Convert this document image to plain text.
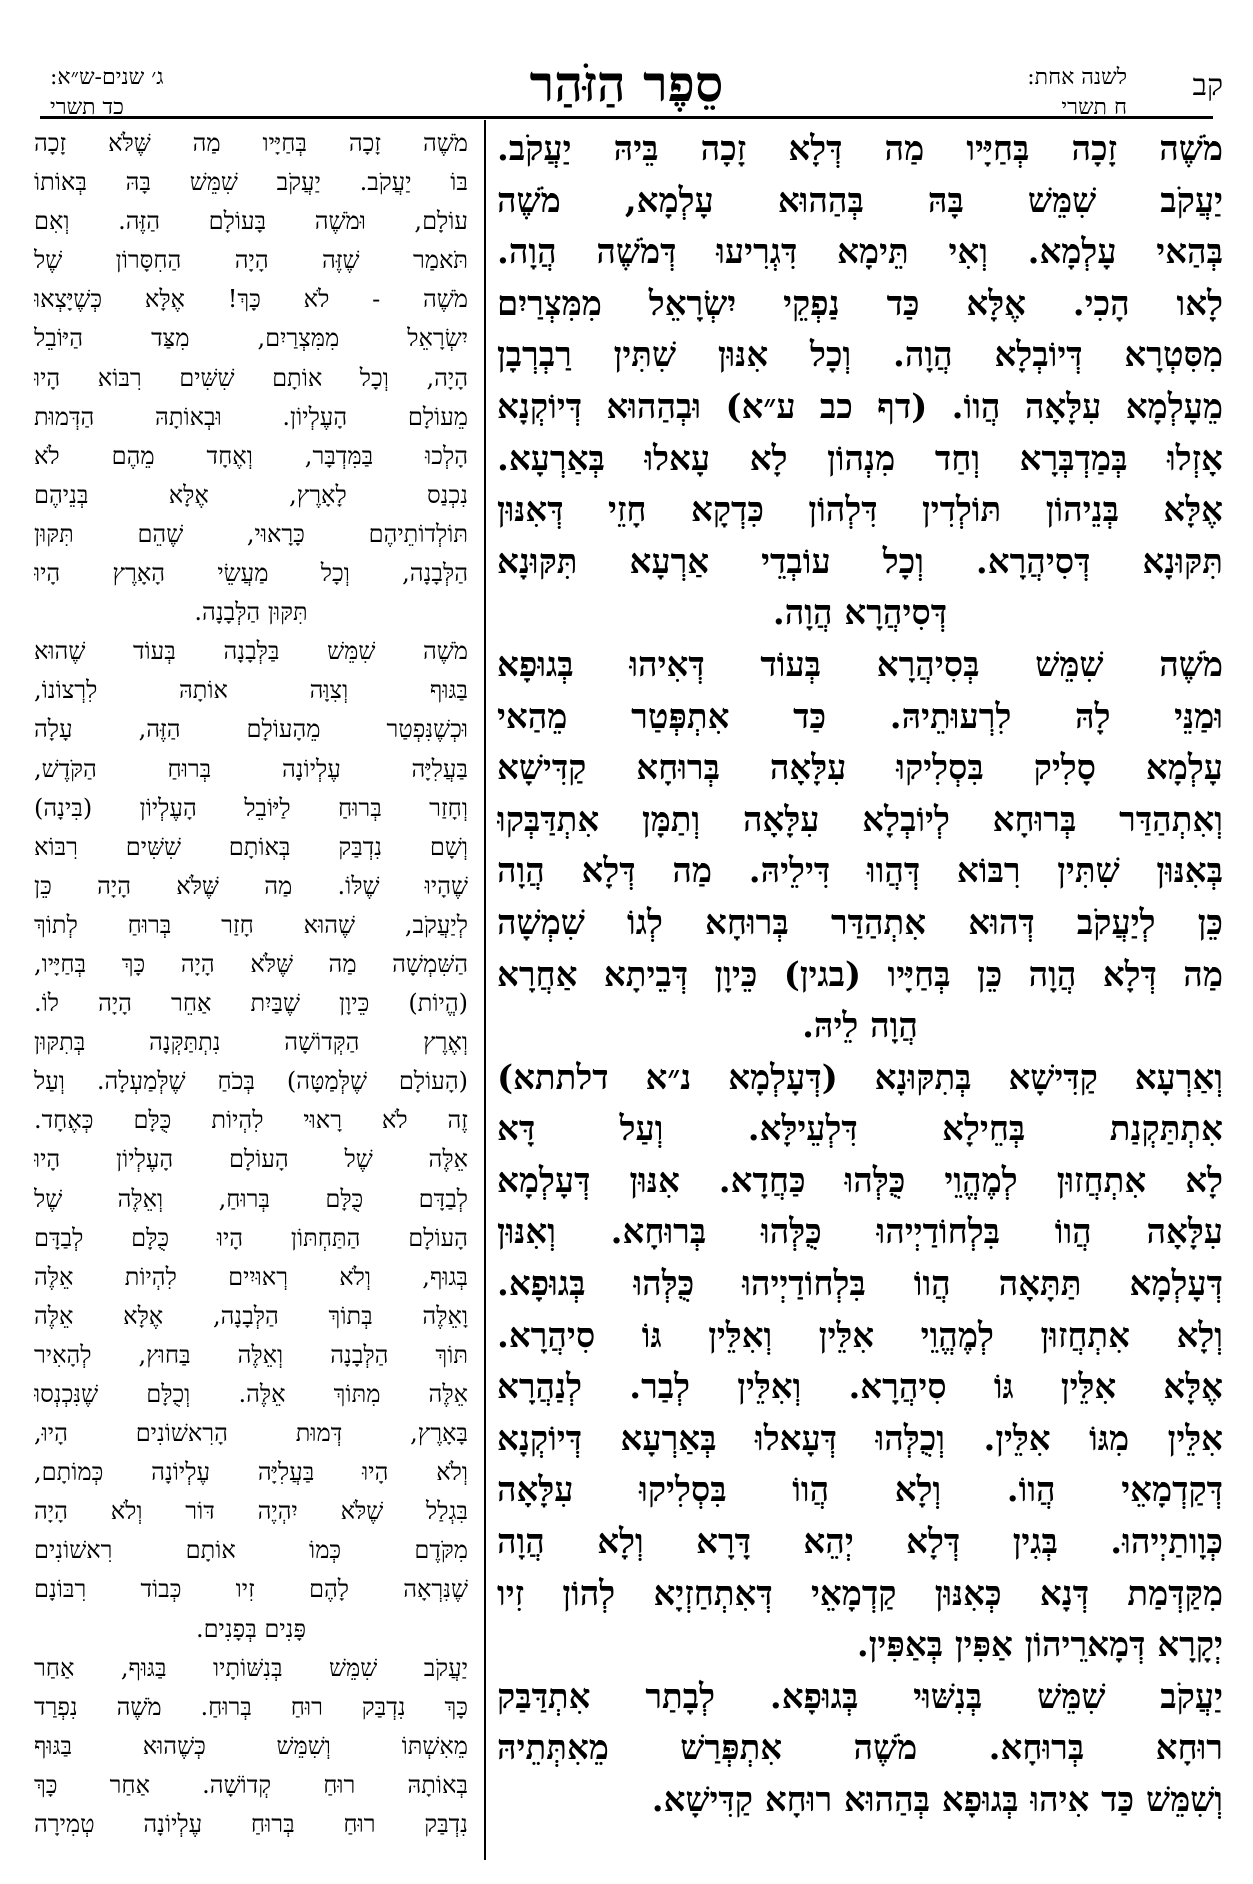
קב
לשנה אחת:
ח תשרי
סֵפֶר הַזֹּהַר
ג׳ שנים-ש״א:
כד תשרי
מֹשֶׁה זָכָה בְּחַיָּיו מַה דְּלָא זָכָה בֵּיהּ יַעֲקֹב.
יַעֲקֹב שִׁמֵּשׁ בָּהּ בְּהַהוּא עָלְמָא, מֹשֶׁה
בְּהַאי עָלְמָא. וְאִי תֵּימָא דִּגְרִיעוּ דְּמֹשֶׁה הֲוָה.
לָאו הָכִי. אֶלָּא כַּד נַפְקֵי יִשְׂרָאֵל מִמִּצְרַיִם
מִסִּטְרָא דְּיוֹבְלָא הֲוָה. וְכָל אִנּוּן שִׁתִּין רַבְרְבָן
מֵעָלְמָא עִלָּאָה הֲווֹ. (דף כב ע״א) וּבְהַהוּא דְּיוֹקְנָא
אָזְלוּ בְּמַדְבְּרָא וְחַד מִנְהוֹן לָא עָאלוּ בְּאַרְעָא.
אֶלָּא בְּנֵיהוֹן תּוֹלְדִין דִּלְהוֹן כִּדְקָא חָזֵי דְּאִנּוּן
תִּקּוּנָא דְּסִיהֲרָא. וְכָל עוֹבְדֵי אַרְעָא תִּקּוּנָא
דְּסִיהֲרָא הֲוָה.
מֹשֶׁה שִׁמֵּשׁ בְּסִיהֲרָא בְּעוֹד דְּאִיהוּ בְּגוּפָא
וּמַנֵּי לָהּ לִרְעוּתֵיהּ. כַּד אִתְפְּטַר מֵהַאי
עָלְמָא סָלִיק בִּסְלִיקוּ עִלָּאָה בְּרוּחָא קַדִּישָׁא
וְאִתְהַדַּר בְּרוּחָא לְיוֹבְלָא עִלָּאָה וְתַמָּן אִתְדַּבְּקוּ
בְּאִנּוּן שִׁתִּין רִבּוֹא דְּהֲווּ דִּילֵיהּ. מַה דְּלָא הֲוָה
כֵּן לְיַעֲקֹב דְּהוּא אִתְהַדַּר בְּרוּחָא לְגוֹ שִׁמְשָׁה
מַה דְּלָא הֲוָה כֵּן בְּחַיָּיו (בגין) כֵּיוָן דְּבֵיתָא אַחֲרָא
הֲוָה לֵיהּ.
וְאַרְעָא קַדִּישָׁא בְּתִקּוּנָא (דְּעָלְמָא נ״א דלתתא)
אִתְתַּקְנַת בְּחֵילָא דִּלְעֵילָּא. וְעַל דָּא
לָא אִתְחֲזוּן לְמֶהֱוֵי כֻּלְּהוּ כַּחֲדָא. אִנּוּן דְּעָלְמָא
עִלָּאָה הֲווֹ בִּלְחוֹדַיְיהוּ כֻּלְּהוּ בְּרוּחָא. וְאִנּוּן
דְּעָלְמָא תַּתָּאָה הֲווֹ בִּלְחוֹדַיְיהוּ כֻּלְּהוּ בְּגוּפָא.
וְלָא אִתְחֲזוּן לְמֶהֱוֵי אִלֵּין וְאִלֵּין גּוֹ סִיהֲרָא.
אֶלָּא אִלֵּין גּוֹ סִיהֲרָא. וְאִלֵּין לְבַר. לְנַהֲרָא
אִלֵּין מִגּוֹ אִלֵּין. וְכֻלְּהוּ דְּעָאלוּ בְּאַרְעָא דְּיוֹקְנָא
דְּקַדְמָאֵי הֲווֹ. וְלָא הֲווֹ בִּסְלִיקוּ עִלָּאָה
כְּוָותַיְיהוּ. בְּגִין דְּלָא יְהֵא דָּרָא וְלָא הֲוָה
מִקַּדְּמַת דְּנָא כְּאִנּוּן קַדְמָאֵי דְּאִתְחַזְיָא לְהוֹן זִיו
יְקָרָא דְּמָארֵיהוֹן אַפִּין בְּאַפִּין.
יַעֲקֹב שִׁמֵּשׁ בְּנִשּׁוּי בְּגוּפָא. לְבָתַר אִתְדַּבַּק
רוּחָא בְּרוּחָא. מֹשֶׁה אִתְפְּרַשׁ מֵאִתְּתֵיהּ
וְשִׁמֵּשׁ כַּד אִיהוּ בְּגוּפָא בְּהַהוּא רוּחָא קַדִּישָׁא.
מֹשֶׁה זָכָה בְּחַיָּיו מַה שֶּׁלֹּא זָכָה
בּוֹ יַעֲקֹב. יַעֲקֹב שִׁמֵּשׁ בָּהּ בְּאוֹתוֹ
עוֹלָם, וּמֹשֶׁה בָּעוֹלָם הַזֶּה. וְאִם
תֹּאמַר שֶׁזֶּה הָיָה הַחִסָּרוֹן שֶׁל
מֹשֶׁה - לֹא כָּךְ! אֶלָּא כְּשֶׁיָּצְאוּ
יִשְׂרָאֵל מִמִּצְרַיִם, מִצַּד הַיּוֹבֵל
הָיָה, וְכָל אוֹתָם שִׁשִּׁים רִבּוֹא הָיוּ
מֵעוֹלָם הָעֶלְיוֹן. וּבְאוֹתָהּ הַדְּמוּת
הָלְכוּ בַּמִּדְבָּר, וְאֶחָד מֵהֶם לֹא
נִכְנַס לָאָרֶץ, אֶלָּא בְּנֵיהֶם
תּוֹלְדוֹתֵיהֶם כָּרָאוּי, שֶׁהֵם תִּקּוּן
הַלְּבָנָה, וְכָל מַעֲשֵׂי הָאָרֶץ הָיוּ
תִּקּוּן הַלְּבָנָה.
מֹשֶׁה שִׁמֵּשׁ בַּלְּבָנָה בְּעוֹד שֶׁהוּא
בַּגּוּף וְצִוָּה אוֹתָהּ לִרְצוֹנוֹ,
וּכְשֶׁנִּפְטַר מֵהָעוֹלָם הַזֶּה, עָלָה
בַּעֲלִיָּה עֶלְיוֹנָה בְּרוּחַ הַקֹּדֶשׁ,
וְחָזַר בְּרוּחַ לַיּוֹבֵל הָעֶלְיוֹן (בִּינָה)
וְשָׁם נִדְבַּק בְּאוֹתָם שִׁשִּׁים רִבּוֹא
שֶׁהָיוּ שֶׁלּוֹ. מַה שֶּׁלֹּא הָיָה כֵּן
לְיַעֲקֹב, שֶׁהוּא חָזַר בְּרוּחַ לְתוֹךְ
הַשִּׁמְשָׁה מַה שֶּׁלֹּא הָיָה כָּךְ בְּחַיָּיו,
(הֱיוֹת) כֵּיוָן שֶׁבַּיִת אַחֵר הָיָה לוֹ.
וְאֶרֶץ הַקְּדוֹשָׁה נִתְתַּקְּנָה בְּתִקּוּן
(הָעוֹלָם שֶׁלְּמַטָּה) בְּכֹחַ שֶׁלְּמַעְלָה. וְעַל
זֶה לֹא רָאוּי לִהְיוֹת כֻּלָּם כְּאֶחָד.
אֵלֶּה שֶׁל הָעוֹלָם הָעֶלְיוֹן הָיוּ
לְבַדָּם כֻּלָּם בְּרוּחַ, וְאֵלֶּה שֶׁל
הָעוֹלָם הַתַּחְתּוֹן הָיוּ כֻּלָּם לְבַדָּם
בְּגוּף, וְלֹא רְאוּיִים לִהְיוֹת אֵלֶּה
וָאֵלֶּה בְּתוֹךְ הַלְּבָנָה, אֶלָּא אֵלֶּה
תּוֹךְ הַלְּבָנָה וְאֵלֶּה בַּחוּץ, לְהָאִיר
אֵלֶּה מִתּוֹךְ אֵלֶּה. וְכֻלָּם שֶׁנִּכְנְסוּ
בָּאָרֶץ, דְּמוּת הָרִאשׁוֹנִים הָיוּ,
וְלֹא הָיוּ בַּעֲלִיָּה עֶלְיוֹנָה כְּמוֹתָם,
בִּגְלַל שֶׁלֹּא יִהְיֶה דּוֹר וְלֹא הָיָה
מִקֹּדֶם כְּמוֹ אוֹתָם רִאשׁוֹנִים
שֶׁנִּרְאָה לָהֶם זִיו כְּבוֹד רִבּוֹנָם
פָּנִים בְּפָנִים.
יַעֲקֹב שִׁמֵּשׁ בְּנִשּׁוֹתָיו בַּגּוּף, אַחַר
כָּךְ נִדְבַּק רוּחַ בְּרוּחַ. מֹשֶׁה נִפְרַד
מֵאִשְׁתּוֹ וְשִׁמֵּשׁ כְּשֶׁהוּא בַּגּוּף
בְּאוֹתָהּ רוּחַ קְדוֹשָׁה. אַחַר כָּךְ
נִדְבַּק רוּחַ בְּרוּחַ עֶלְיוֹנָה טְמִירָה
